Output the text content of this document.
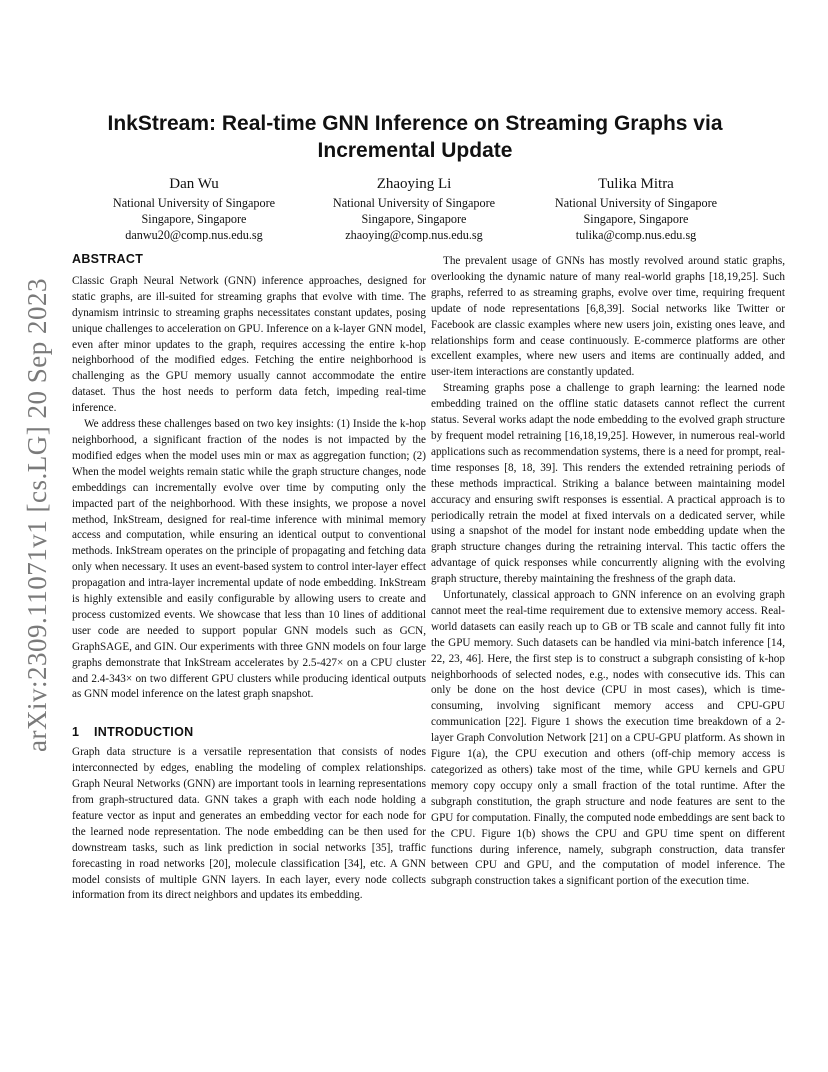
arXiv:2309.11071v1 [cs.LG] 20 Sep 2023
InkStream: Real-time GNN Inference on Streaming Graphs via
Incremental Update
Dan Wu
National University of Singapore
Singapore, Singapore
danwu20@comp.nus.edu.sg
Zhaoying Li
National University of Singapore
Singapore, Singapore
zhaoying@comp.nus.edu.sg
Tulika Mitra
National University of Singapore
Singapore, Singapore
tulika@comp.nus.edu.sg
ABSTRACT

Classic Graph Neural Network (GNN) inference approaches, designed for static graphs, are ill-suited for streaming graphs that evolve with time. The dynamism intrinsic to streaming graphs necessitates constant updates, posing unique challenges to acceleration on GPU. Inference on a k-layer GNN model, even after minor updates to the graph, requires accessing the entire k-hop neighborhood of the modified edges. Fetching the entire neighborhood is challenging as the GPU memory usually cannot accommodate the entire dataset. Thus the host needs to perform data fetch, impeding real-time inference.

We address these challenges based on two key insights: (1) Inside the k-hop neighborhood, a significant fraction of the nodes is not impacted by the modified edges when the model uses min or max as aggregation function; (2) When the model weights remain static while the graph structure changes, node embeddings can incrementally evolve over time by computing only the impacted part of the neighborhood. With these insights, we propose a novel method, InkStream, designed for real-time inference with minimal memory access and computation, while ensuring an identical output to conventional methods. InkStream operates on the principle of propagating and fetching data only when necessary. It uses an event-based system to control inter-layer effect propagation and intra-layer incremental update of node embedding. InkStream is highly extensible and easily configurable by allowing users to create and process customized events. We showcase that less than 10 lines of additional user code are needed to support popular GNN models such as GCN, GraphSAGE, and GIN. Our experiments with three GNN models on four large graphs demonstrate that InkStream accelerates by 2.5-427× on a CPU cluster and 2.4-343× on two different GPU clusters while producing identical outputs as GNN model inference on the latest graph snapshot.

1 INTRODUCTION

Graph data structure is a versatile representation that consists of nodes interconnected by edges, enabling the modeling of complex relationships. Graph Neural Networks (GNN) are important tools in learning representations from graph-structured data. GNN takes a graph with each node holding a feature vector as input and generates an embedding vector for each node for the learned node representation. The node embedding can be then used for downstream tasks, such as link prediction in social networks [35], traffic forecasting in road networks [20], molecule classification [34], etc. A GNN model consists of multiple GNN layers. In each layer, every node collects information from its direct neighbors and updates its embedding.

The prevalent usage of GNNs has mostly revolved around static graphs, overlooking the dynamic nature of many real-world graphs [18,19,25]. Such graphs, referred to as streaming graphs, evolve over time, requiring frequent update of node representations [6,8,39]. Social networks like Twitter or Facebook are classic examples where new users join, existing ones leave, and relationships form and cease continuously. E-commerce platforms are other excellent examples, where new users and items are continually added, and user-item interactions are constantly updated.

Streaming graphs pose a challenge to graph learning: the learned node embedding trained on the offline static datasets cannot reflect the current status. Several works adapt the node embedding to the evolved graph structure by frequent model retraining [16,18,19,25]. However, in numerous real-world applications such as recommendation systems, there is a need for prompt, real-time responses [8, 18, 39]. This renders the extended retraining periods of these methods impractical. Striking a balance between maintaining model accuracy and ensuring swift responses is essential. A practical approach is to periodically retrain the model at fixed intervals on a dedicated server, while using a snapshot of the model for instant node embedding update when the graph structure changes during the retraining interval. This tactic offers the advantage of quick responses while concurrently aligning with the evolving graph structure, thereby maintaining the freshness of the graph data.

Unfortunately, classical approach to GNN inference on an evolving graph cannot meet the real-time requirement due to extensive memory access. Real-world datasets can easily reach up to GB or TB scale and cannot fully fit into the GPU memory. Such datasets can be handled via mini-batch inference [14, 22, 23, 46]. Here, the first step is to construct a subgraph consisting of k-hop neighborhoods of selected nodes, e.g., nodes with consecutive ids. This can only be done on the host device (CPU in most cases), which is time-consuming, involving significant memory access and CPU-GPU communication [22]. Figure 1 shows the execution time breakdown of a 2-layer Graph Convolution Network [21] on a CPU-GPU platform. As shown in Figure 1(a), the CPU execution and others (off-chip memory access is categorized as others) take most of the time, while GPU kernels and GPU memory copy occupy only a small fraction of the total runtime. After the subgraph constitution, the graph structure and node features are sent to the GPU for computation. Finally, the computed node embeddings are sent back to the CPU. Figure 1(b) shows the CPU and GPU time spent on different functions during inference, namely, subgraph construction, data transfer between CPU and GPU, and the computation of model inference. The subgraph construction takes a significant portion of the execution time.
